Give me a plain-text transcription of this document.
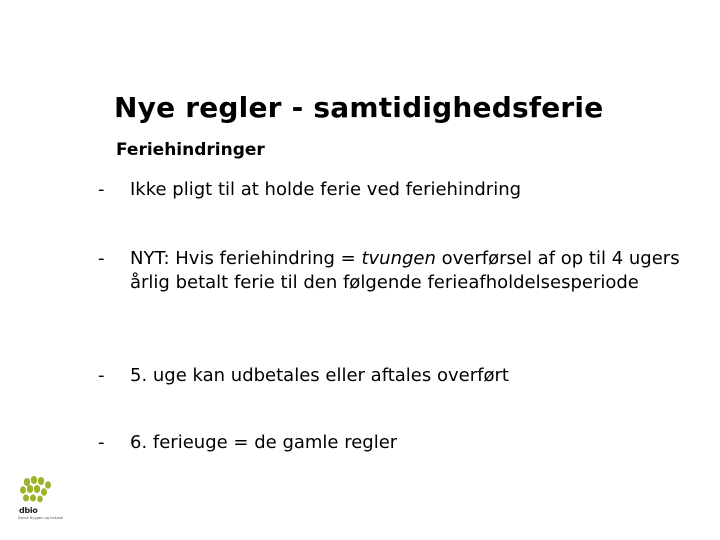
Nye regler - samtidighedsferie
Feriehindringer
-	Ikke pligt til at holde ferie ved feriehindring
-	NYT: Hvis feriehindring = tvungen overførsel af op til 4 ugers årlig betalt ferie til den følgende ferieafholdelsesperiode
-	5. uge kan udbetales eller aftales overført
-	6. ferieuge = de gamle regler
dbio
Dansk Byggeri og Industri
